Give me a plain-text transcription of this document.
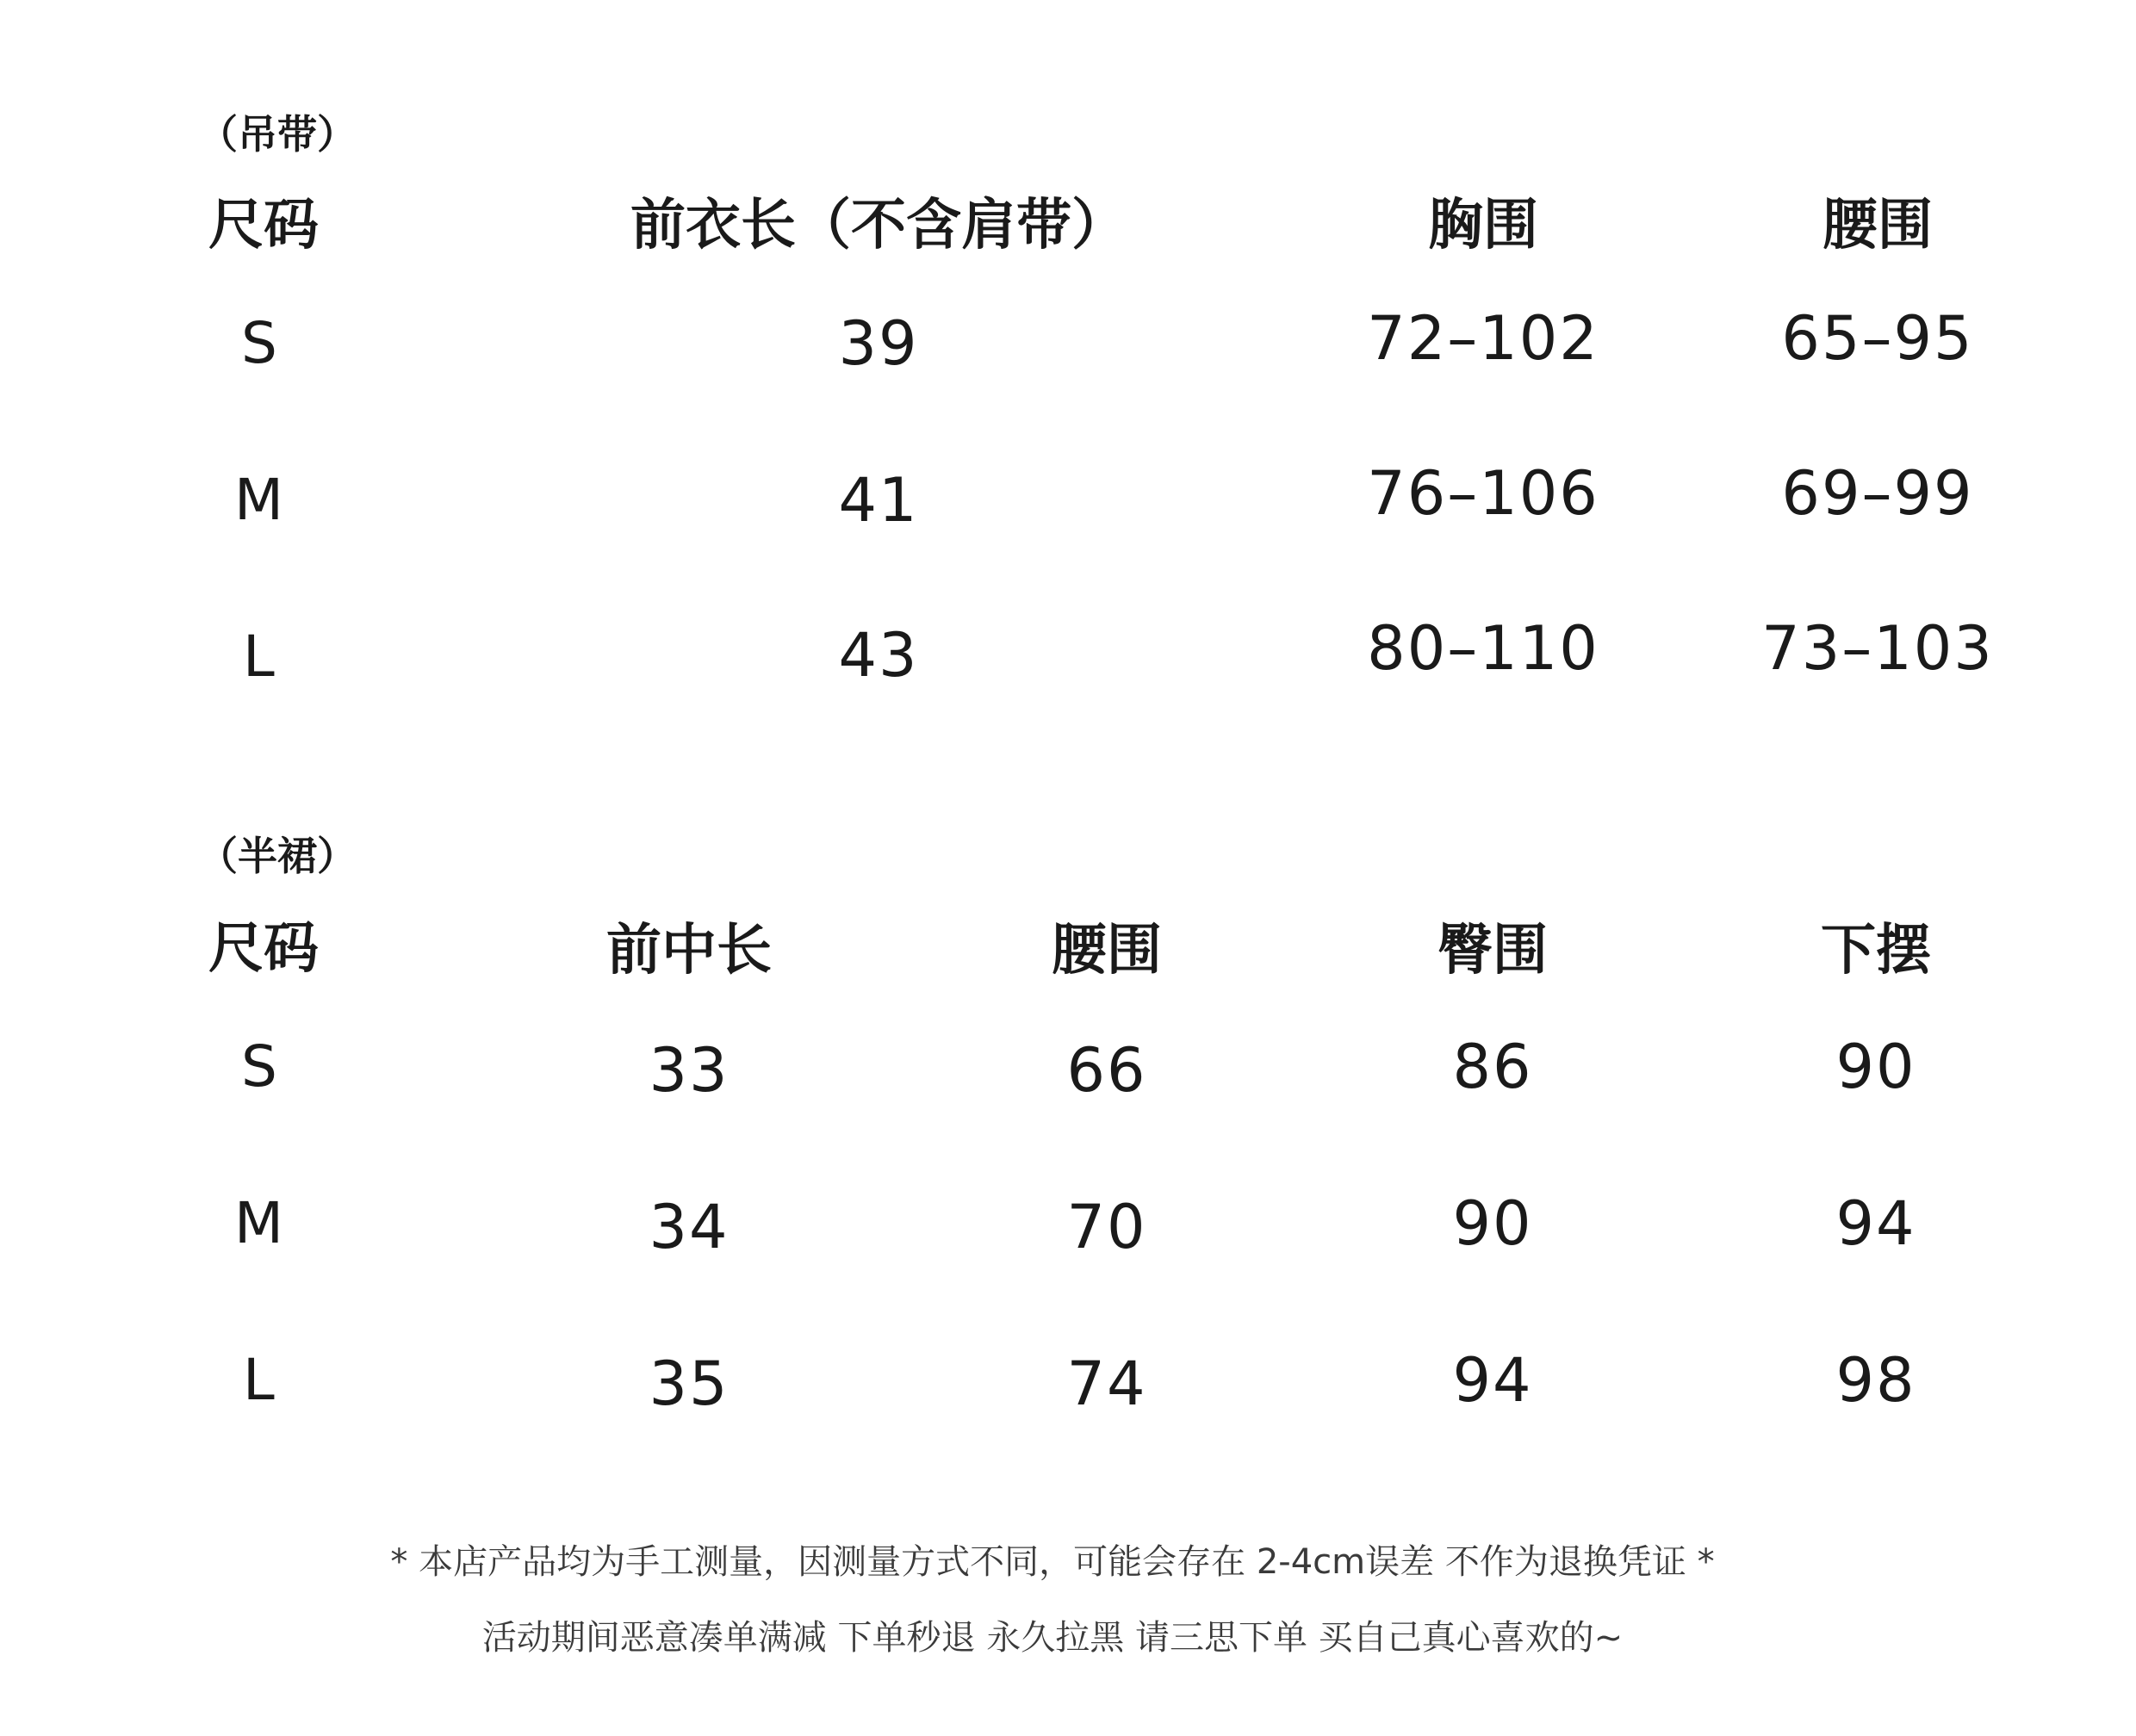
（吊带）
尺码	前衣长（不含肩带）	胸围	腰围
S	39	72–102	65–95
M	41	76–106	69–99
L	43	80–110	73–103
（半裙）
尺码	前中长	腰围	臀围	下摆
S	33	66	86	90
M	34	70	90	94
L	35	74	94	98
* 本店产品均为手工测量，因测量方式不同，可能会存在 2-4cm误差 不作为退换凭证 *
活动期间恶意凑单满减 下单秒退 永久拉黑 请三思下单 买自己真心喜欢的~
